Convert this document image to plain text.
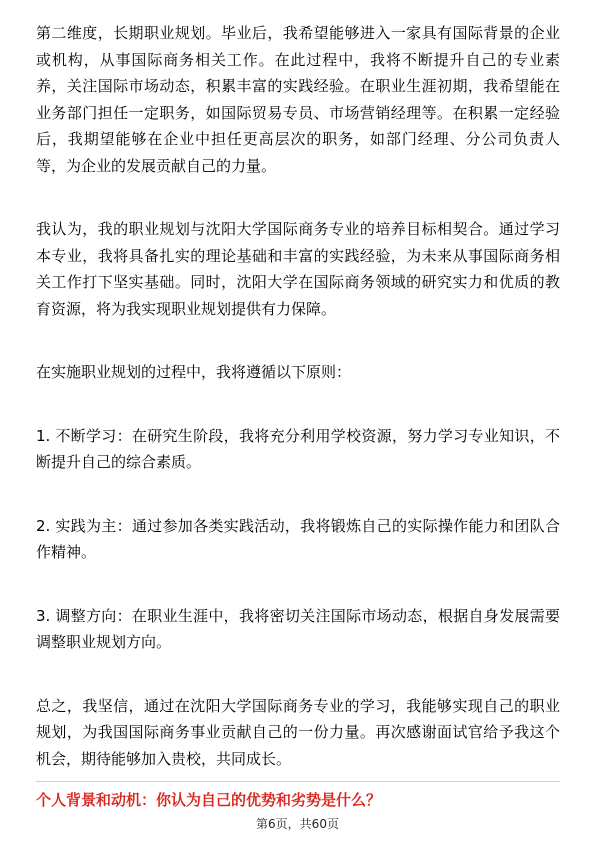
第二维度，长期职业规划。毕业后，我希望能够进入一家具有国际背景的企业或机构，从事国际商务相关工作。在此过程中，我将不断提升自己的专业素养，关注国际市场动态，积累丰富的实践经验。在职业生涯初期，我希望能在业务部门担任一定职务，如国际贸易专员、市场营销经理等。在积累一定经验后，我期望能够在企业中担任更高层次的职务，如部门经理、分公司负责人等，为企业的发展贡献自己的力量。

我认为，我的职业规划与沈阳大学国际商务专业的培养目标相契合。通过学习本专业，我将具备扎实的理论基础和丰富的实践经验，为未来从事国际商务相关工作打下坚实基础。同时，沈阳大学在国际商务领域的研究实力和优质的教育资源，将为我实现职业规划提供有力保障。

在实施职业规划的过程中，我将遵循以下原则：

1. 不断学习：在研究生阶段，我将充分利用学校资源，努力学习专业知识，不断提升自己的综合素质。

2. 实践为主：通过参加各类实践活动，我将锻炼自己的实际操作能力和团队合作精神。

3. 调整方向：在职业生涯中，我将密切关注国际市场动态，根据自身发展需要调整职业规划方向。

总之，我坚信，通过在沈阳大学国际商务专业的学习，我能够实现自己的职业规划，为我国国际商务事业贡献自己的一份力量。再次感谢面试官给予我这个机会，期待能够加入贵校，共同成长。

个人背景和动机：你认为自己的优势和劣势是什么？
第6页，共60页
